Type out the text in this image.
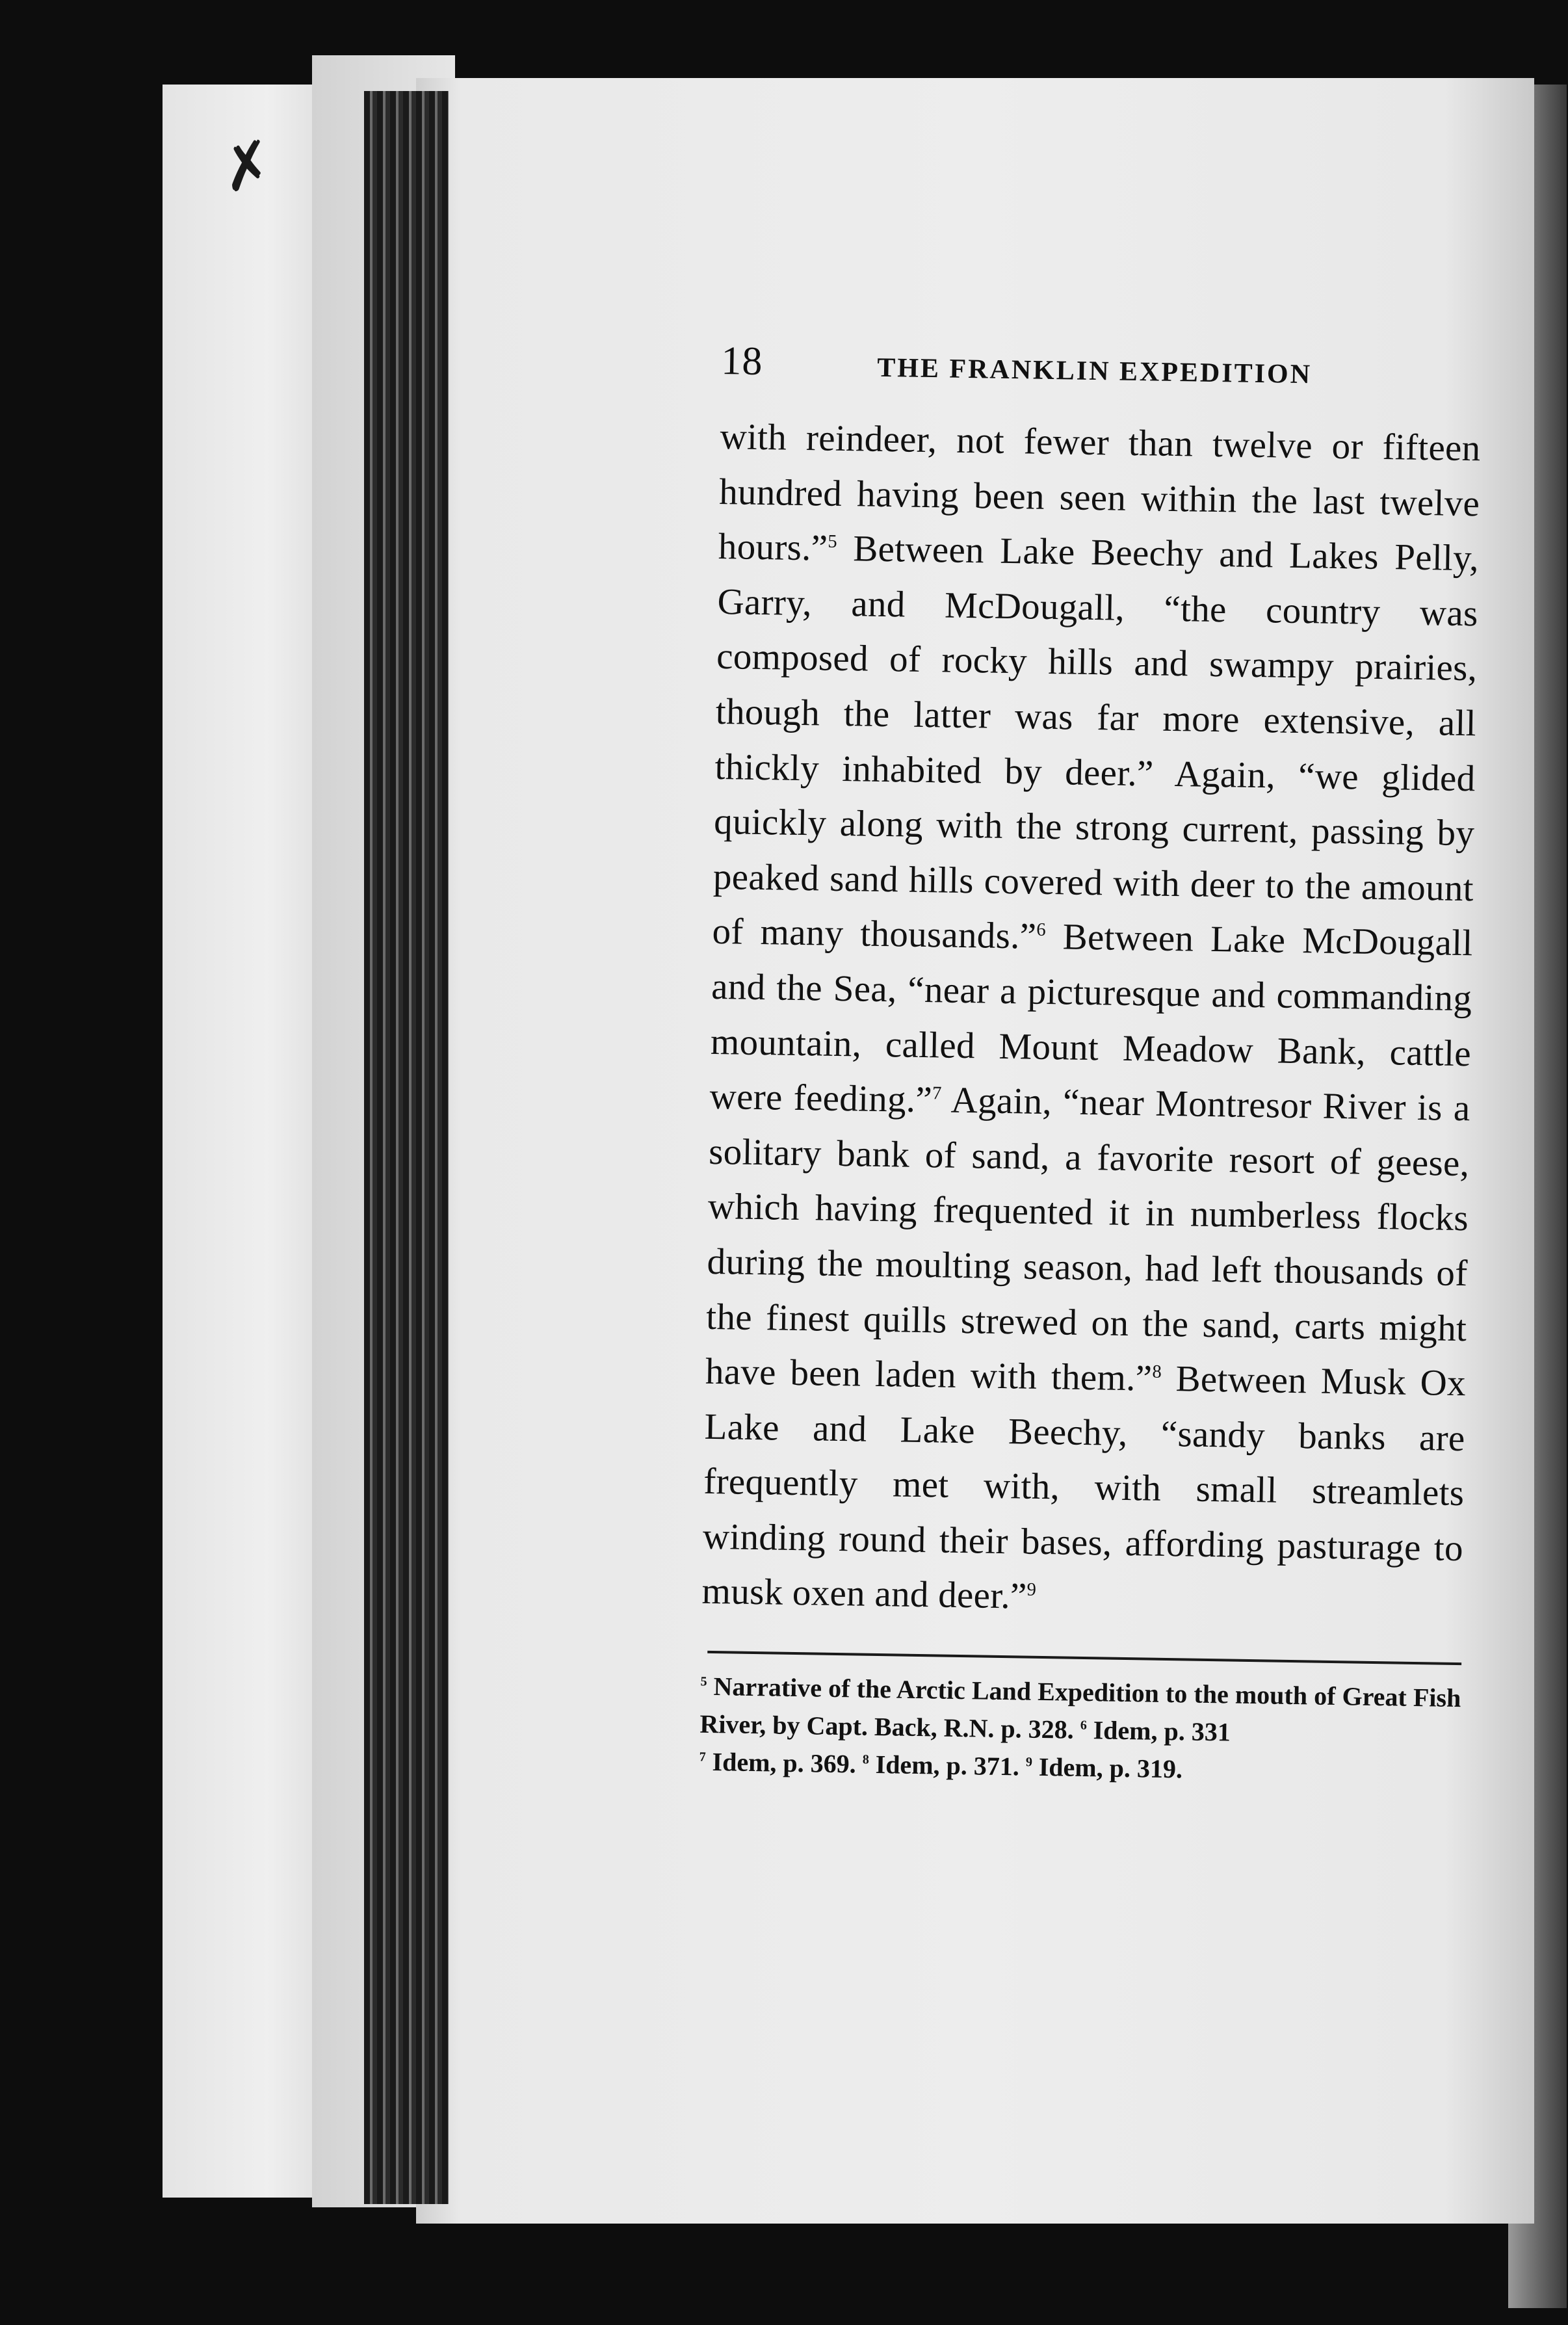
✗
18	THE FRANKLIN EXPEDITION

with reindeer, not fewer than twelve or fifteen hundred having been seen within the last twelve hours.”$^5$ Between Lake Beechy and Lakes Pelly, Garry, and McDougall, “the country was composed of rocky hills and swampy prairies, though the latter was far more extensive, all thickly inhabited by deer.” Again, “we glided quickly along with the strong current, passing by peaked sand hills covered with deer to the amount of many thousands.”$^6$ Between Lake McDougall and the Sea, “near a picturesque and commanding mountain, called Mount Meadow Bank, cattle were feeding.”$^7$ Again, “near Montresor River is a solitary bank of sand, a favorite resort of geese, which having frequented it in numberless flocks during the moulting season, had left thousands of the finest quills strewed on the sand, carts might have been laden with them.”$^8$ Between Musk Ox Lake and Lake Beechy, “sandy banks are frequently met with, with small streamlets winding round their bases, affording pasturage to musk oxen and deer.”$^9$

$^5$ Narrative of the Arctic Land Expedition to the mouth of Great Fish River, by Capt. Back, R.N. p. 328. $^6$ Idem, p. 331
$^7$ Idem, p. 369. $^8$ Idem, p. 371. $^9$ Idem, p. 319.
